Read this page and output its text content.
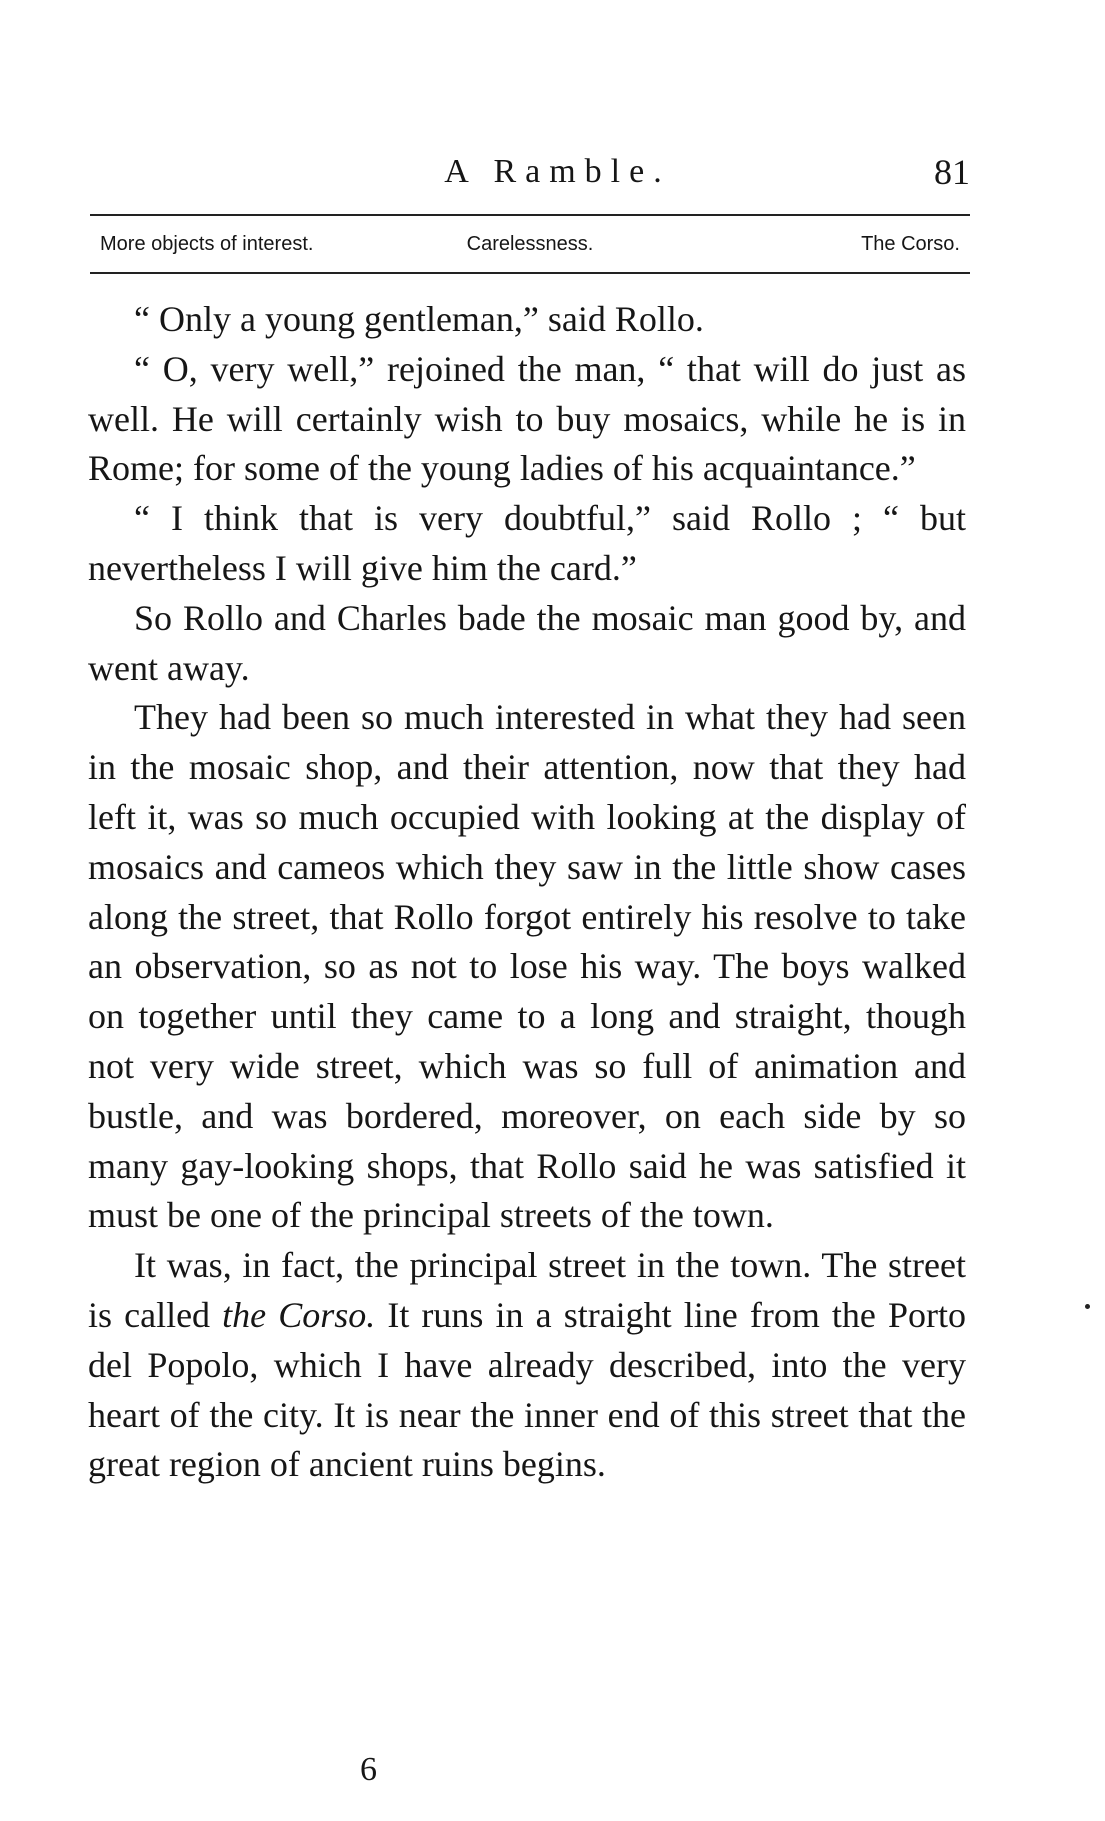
A Ramble.	81
More objects of interest.	Carelessness.	The Corso.

“ Only a young gentleman,” said Rollo.

“ O, very well,” rejoined the man, “ that will do just as well. He will certainly wish to buy mosaics, while he is in Rome; for some of the young ladies of his acquaintance.”

“ I think that is very doubtful,” said Rollo ; “ but nevertheless I will give him the card.”

So Rollo and Charles bade the mosaic man good by, and went away.

They had been so much interested in what they had seen in the mosaic shop, and their attention, now that they had left it, was so much occupied with looking at the display of mosaics and cameos which they saw in the little show cases along the street, that Rollo forgot entirely his resolve to take an observation, so as not to lose his way. The boys walked on together until they came to a long and straight, though not very wide street, which was so full of animation and bustle, and was bordered, moreover, on each side by so many gay-looking shops, that Rollo said he was satisfied it must be one of the principal streets of the town.

It was, in fact, the principal street in the town. The street is called the Corso. It runs in a straight line from the Porto del Popolo, which I have already described, into the very heart of the city. It is near the inner end of this street that the great region of ancient ruins begins.

6
